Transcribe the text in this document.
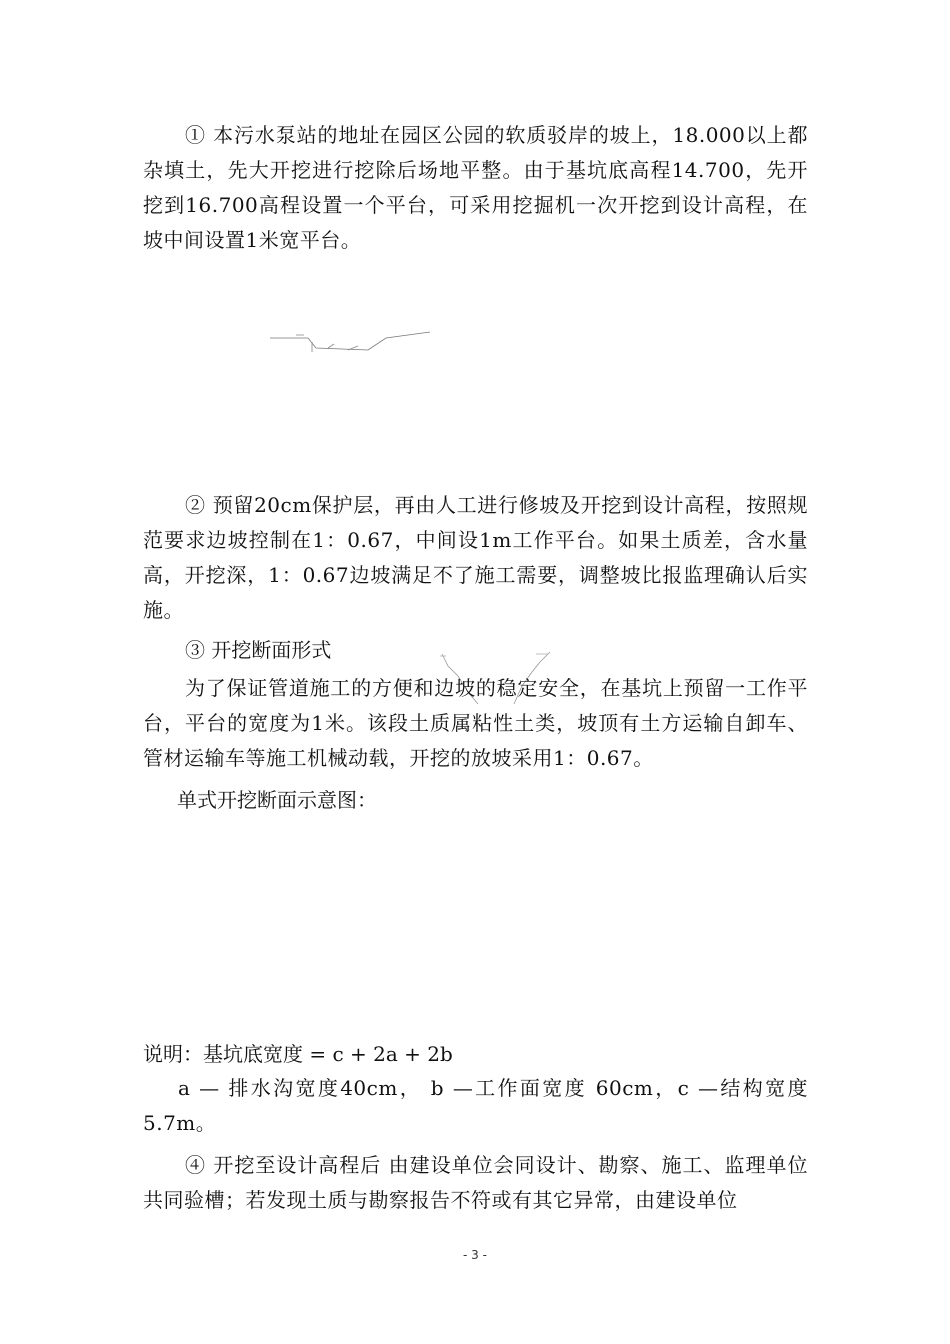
① 本污水泵站的地址在园区公园的软质驳岸的坡上，18.000以上都杂填土，先大开挖进行挖除后场地平整。由于基坑底高程14.700，先开挖到16.700高程设置一个平台，可采用挖掘机一次开挖到设计高程，在坡中间设置1米宽平台。

② 预留20cm保护层，再由人工进行修坡及开挖到设计高程，按照规范要求边坡控制在1：0.67，中间设1m工作平台。如果土质差，含水量高，开挖深，1：0.67边坡满足不了施工需要，调整坡比报监理确认后实施。

③ 开挖断面形式

为了保证管道施工的方便和边坡的稳定安全，在基坑上预留一工作平台，平台的宽度为1米。该段土质属粘性土类，坡顶有土方运输自卸车、管材运输车等施工机械动载，开挖的放坡采用1：0.67。

单式开挖断面示意图：

说明：基坑底宽度 = c + 2a + 2b

a — 排水沟宽度40cm， b —工作面宽度 60cm，c —结构宽度5.7m。

④ 开挖至设计高程后 由建设单位会同设计、勘察、施工、监理单位共同验槽；若发现土质与勘察报告不符或有其它异常，由建设单位

- 3 -
